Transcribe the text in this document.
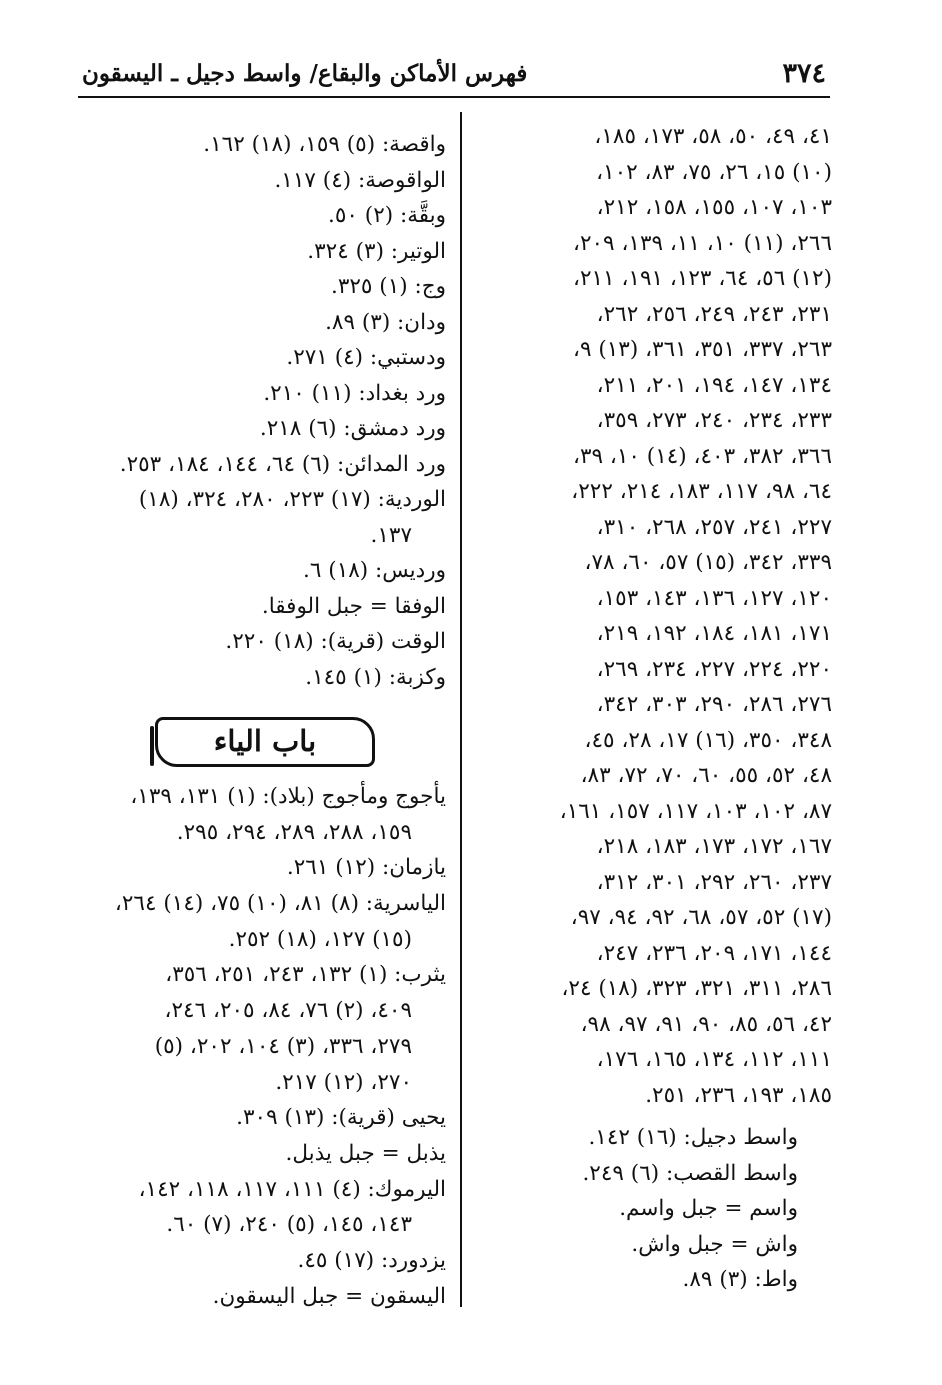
٣٧٤
فهرس الأماكن والبقاع/ واسط دجيل ـ اليسقون
٤١، ٤٩، ٥٠، ٥٨، ١٧٣، ١٨٥،
(١٠) ١٥، ٢٦، ٧٥، ٨٣، ١٠٢،
١٠٣، ١٠٧، ١٥٥، ١٥٨، ٢١٢،
٢٦٦، (١١) ١٠، ١١، ١٣٩، ٢٠٩،
(١٢) ٥٦، ٦٤، ١٢٣، ١٩١، ٢١١،
٢٣١، ٢٤٣، ٢٤٩، ٢٥٦، ٢٦٢،
٢٦٣، ٣٣٧، ٣٥١، ٣٦١، (١٣) ٩،
١٣٤، ١٤٧، ١٩٤، ٢٠١، ٢١١،
٢٣٣، ٢٣٤، ٢٤٠، ٢٧٣، ٣٥٩،
٣٦٦، ٣٨٢، ٤٠٣، (١٤) ١٠، ٣٩،
٦٤، ٩٨، ١١٧، ١٨٣، ٢١٤، ٢٢٢،
٢٢٧، ٢٤١، ٢٥٧، ٢٦٨، ٣١٠،
٣٣٩، ٣٤٢، (١٥) ٥٧، ٦٠، ٧٨،
١٢٠، ١٢٧، ١٣٦، ١٤٣، ١٥٣،
١٧١، ١٨١، ١٨٤، ١٩٢، ٢١٩،
٢٢٠، ٢٢٤، ٢٢٧، ٢٣٤، ٢٦٩،
٢٧٦، ٢٨٦، ٢٩٠، ٣٠٣، ٣٤٢،
٣٤٨، ٣٥٠، (١٦) ١٧، ٢٨، ٤٥،
٤٨، ٥٢، ٥٥، ٦٠، ٧٠، ٧٢، ٨٣،
٨٧، ١٠٢، ١٠٣، ١١٧، ١٥٧، ١٦١،
١٦٧، ١٧٢، ١٧٣، ١٨٣، ٢١٨،
٢٣٧، ٢٦٠، ٢٩٢، ٣٠١، ٣١٢،
(١٧) ٥٢، ٥٧، ٦٨، ٩٢، ٩٤، ٩٧،
١٤٤، ١٧١، ٢٠٩، ٢٣٦، ٢٤٧،
٢٨٦، ٣١١، ٣٢١، ٣٢٣، (١٨) ٢٤،
٤٢، ٥٦، ٨٥، ٩٠، ٩١، ٩٧، ٩٨،
١١١، ١١٢، ١٣٤، ١٦٥، ١٧٦،
١٨٥، ١٩٣، ٢٣٦، ٢٥١.
واسط دجيل: (١٦) ١٤٢.
واسط القصب: (٦) ٢٤٩.
واسم = جبل واسم.
واش = جبل واش.
واط: (٣) ٨٩.
واقصة: (٥) ١٥٩، (١٨) ١٦٢.
الواقوصة: (٤) ١١٧.
وبقَّة: (٢) ٥٠.
الوتير: (٣) ٣٢٤.
وج: (١) ٣٢٥.
ودان: (٣) ٨٩.
ودستبي: (٤) ٢٧١.
ورد بغداد: (١١) ٢١٠.
ورد دمشق: (٦) ٢١٨.
ورد المدائن: (٦) ٦٤، ١٤٤، ١٨٤، ٢٥٣.
الوردية: (١٧) ٢٢٣، ٢٨٠، ٣٢٤، (١٨)
١٣٧.
ورديس: (١٨) ٦.
الوفقا = جبل الوفقا.
الوقت (قرية): (١٨) ٢٢٠.
وكزبة: (١) ١٤٥.
باب الياء
يأجوج ومأجوج (بلاد): (١) ١٣١، ١٣٩،
١٥٩، ٢٨٨، ٢٨٩، ٢٩٤، ٢٩٥.
يازمان: (١٢) ٢٦١.
الياسرية: (٨) ٨١، (١٠) ٧٥، (١٤) ٢٦٤،
(١٥) ١٢٧، (١٨) ٢٥٢.
يثرب: (١) ١٣٢، ٢٤٣، ٢٥١، ٣٥٦،
٤٠٩، (٢) ٧٦، ٨٤، ٢٠٥، ٢٤٦،
٢٧٩، ٣٣٦، (٣) ١٠٤، ٢٠٢، (٥)
٢٧٠، (١٢) ٢١٧.
يحيى (قرية): (١٣) ٣٠٩.
يذبل = جبل يذبل.
اليرموك: (٤) ١١١، ١١٧، ١١٨، ١٤٢،
١٤٣، ١٤٥، (٥) ٢٤٠، (٧) ٦٠.
يزدورد: (١٧) ٤٥.
اليسقون = جبل اليسقون.
